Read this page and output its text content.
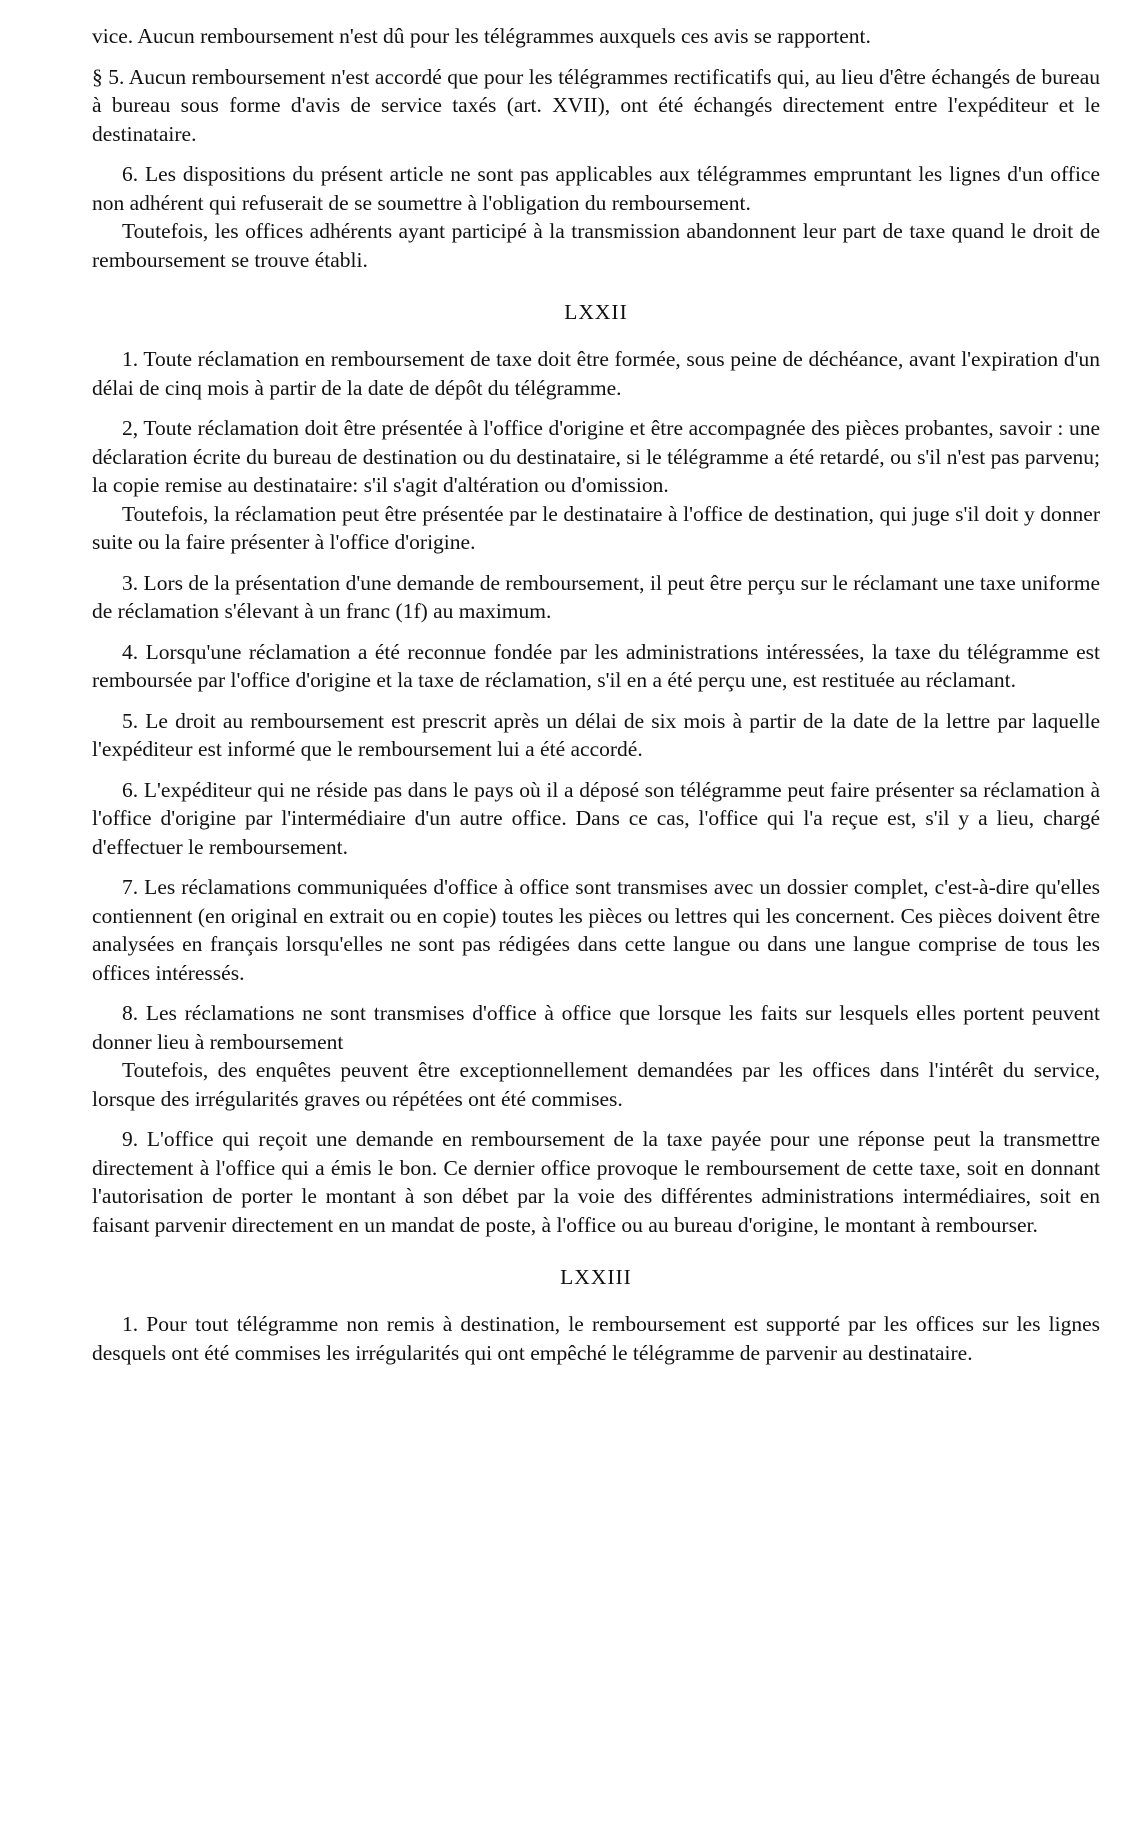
vice. Aucun remboursement n'est dû pour les télégrammes auxquels ces avis se rapportent.

§ 5. Aucun remboursement n'est accordé que pour les télégrammes rectificatifs qui, au lieu d'être échangés de bureau à bureau sous forme d'avis de service taxés (art. XVII), ont été échangés directement entre l'expéditeur et le destinataire.

6. Les dispositions du présent article ne sont pas applicables aux télégrammes empruntant les lignes d'un office non adhérent qui refuserait de se soumettre à l'obligation du remboursement.

Toutefois, les offices adhérents ayant participé à la transmission abandonnent leur part de taxe quand le droit de remboursement se trouve établi.

LXXII

1. Toute réclamation en remboursement de taxe doit être formée, sous peine de déchéance, avant l'expiration d'un délai de cinq mois à partir de la date de dépôt du télégramme.

2, Toute réclamation doit être présentée à l'office d'origine et être accompagnée des pièces probantes, savoir : une déclaration écrite du bureau de destination ou du destinataire, si le télégramme a été retardé, ou s'il n'est pas parvenu; la copie remise au destinataire: s'il s'agit d'altération ou d'omission.

Toutefois, la réclamation peut être présentée par le destinataire à l'office de destination, qui juge s'il doit y donner suite ou la faire présenter à l'office d'origine.

3. Lors de la présentation d'une demande de remboursement, il peut être perçu sur le réclamant une taxe uniforme de réclamation s'élevant à un franc (1f) au maximum.

4. Lorsqu'une réclamation a été reconnue fondée par les administrations intéressées, la taxe du télégramme est remboursée par l'office d'origine et la taxe de réclamation, s'il en a été perçu une, est restituée au réclamant.

5. Le droit au remboursement est prescrit après un délai de six mois à partir de la date de la lettre par laquelle l'expéditeur est informé que le remboursement lui a été accordé.

6. L'expéditeur qui ne réside pas dans le pays où il a déposé son télégramme peut faire présenter sa réclamation à l'office d'origine par l'intermédiaire d'un autre office. Dans ce cas, l'office qui l'a reçue est, s'il y a lieu, chargé d'effectuer le remboursement.

7. Les réclamations communiquées d'office à office sont transmises avec un dossier complet, c'est-à-dire qu'elles contiennent (en original en extrait ou en copie) toutes les pièces ou lettres qui les concernent. Ces pièces doivent être analysées en français lorsqu'elles ne sont pas rédigées dans cette langue ou dans une langue comprise de tous les offices intéressés.

8. Les réclamations ne sont transmises d'office à office que lorsque les faits sur lesquels elles portent peuvent donner lieu à remboursement

Toutefois, des enquêtes peuvent être exceptionnellement demandées par les offices dans l'intérêt du service, lorsque des irrégularités graves ou répétées ont été commises.

9. L'office qui reçoit une demande en remboursement de la taxe payée pour une réponse peut la transmettre directement à l'office qui a émis le bon. Ce dernier office provoque le remboursement de cette taxe, soit en donnant l'autorisation de porter le montant à son débet par la voie des différentes administrations intermédiaires, soit en faisant parvenir directement en un mandat de poste, à l'office ou au bureau d'origine, le montant à rembourser.

LXXIII

1. Pour tout télégramme non remis à destination, le remboursement est supporté par les offices sur les lignes desquels ont été commises les irrégularités qui ont empêché le télégramme de parvenir au destinataire.
